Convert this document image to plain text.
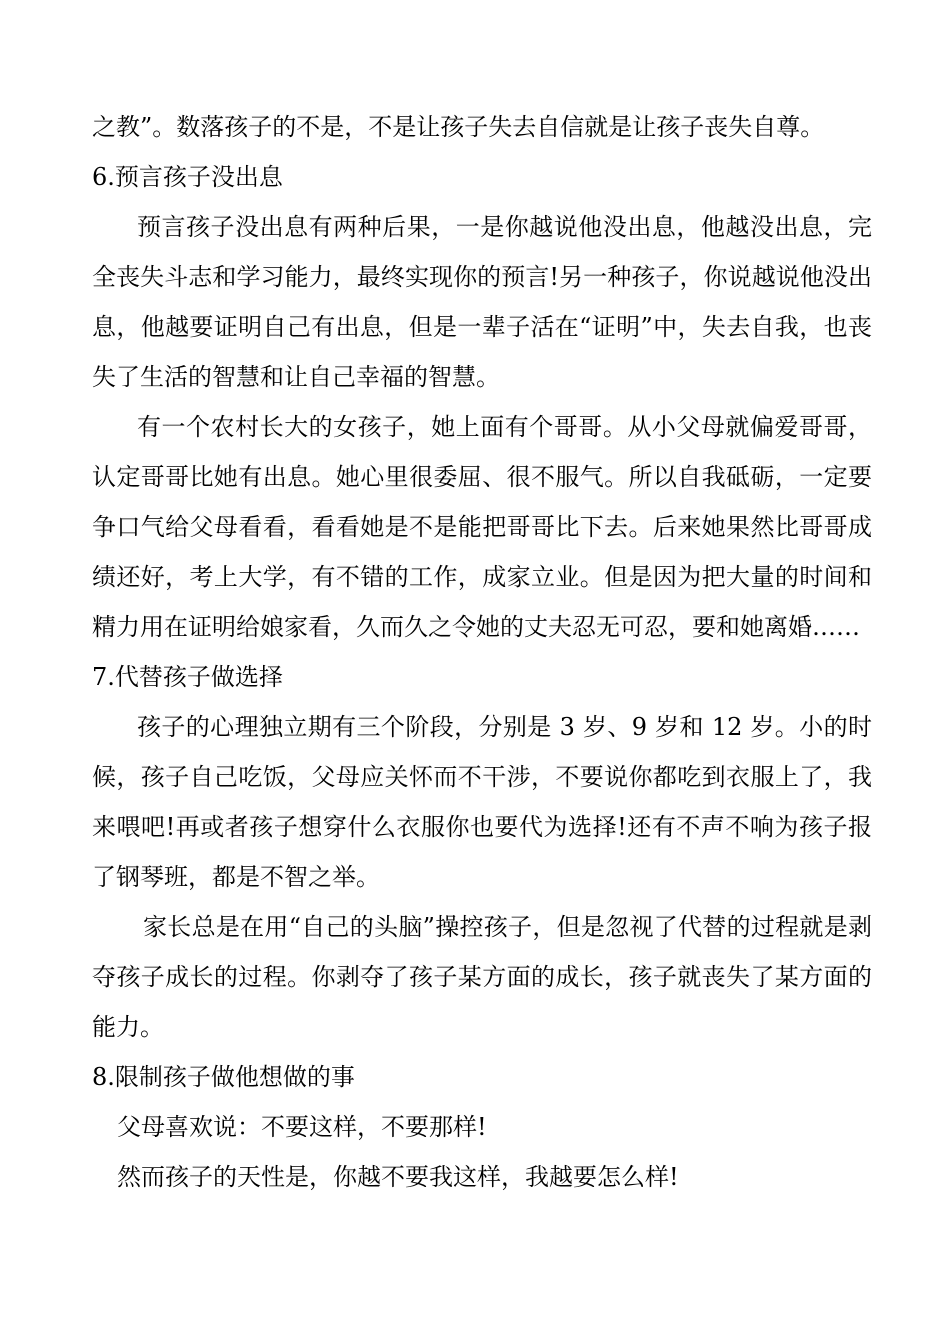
之教”。数落孩子的不是，不是让孩子失去自信就是让孩子丧失自尊。

6.预言孩子没出息

预言孩子没出息有两种后果，一是你越说他没出息，他越没出息，完全丧失斗志和学习能力，最终实现你的预言!另一种孩子，你说越说他没出息，他越要证明自己有出息，但是一辈子活在“证明”中，失去自我，也丧失了生活的智慧和让自己幸福的智慧。

有一个农村长大的女孩子，她上面有个哥哥。从小父母就偏爱哥哥，认定哥哥比她有出息。她心里很委屈、很不服气。所以自我砥砺，一定要争口气给父母看看，看看她是不是能把哥哥比下去。后来她果然比哥哥成绩还好，考上大学，有不错的工作，成家立业。但是因为把大量的时间和精力用在证明给娘家看，久而久之令她的丈夫忍无可忍，要和她离婚……

7.代替孩子做选择

孩子的心理独立期有三个阶段，分别是 3 岁、9 岁和 12 岁。小的时候，孩子自己吃饭，父母应关怀而不干涉，不要说你都吃到衣服上了，我来喂吧!再或者孩子想穿什么衣服你也要代为选择!还有不声不响为孩子报了钢琴班，都是不智之举。

家长总是在用“自己的头脑”操控孩子，但是忽视了代替的过程就是剥夺孩子成长的过程。你剥夺了孩子某方面的成长，孩子就丧失了某方面的能力。

8.限制孩子做他想做的事

父母喜欢说：不要这样，不要那样!

然而孩子的天性是，你越不要我这样，我越要怎么样!
